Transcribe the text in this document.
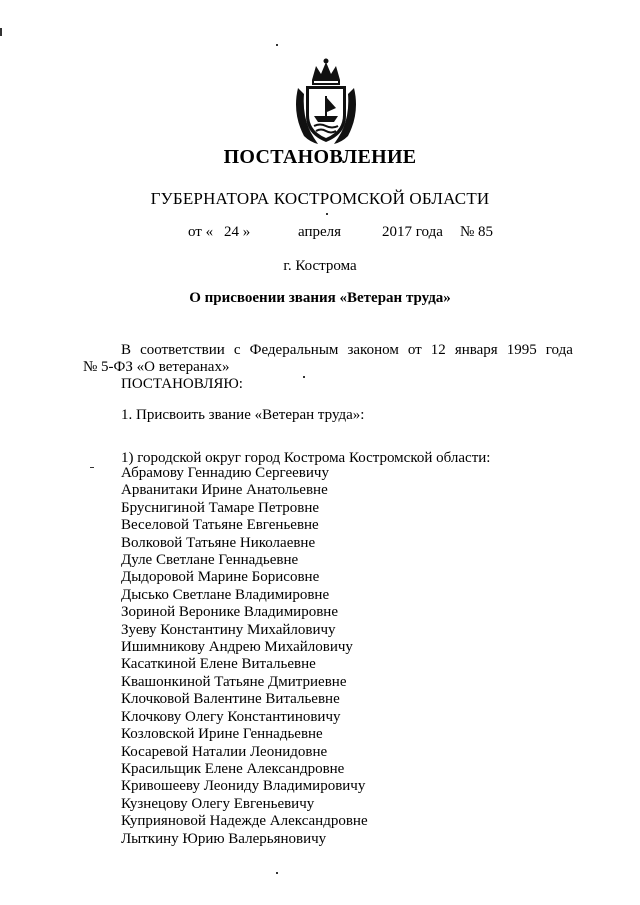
ПОСТАНОВЛЕНИЕ
ГУБЕРНАТОРА КОСТРОМСКОЙ ОБЛАСТИ
от « 24 »	апреля	2017 года № 85
г. Кострома
О присвоении звания «Ветеран труда»
В соответствии с Федеральным законом от 12 января 1995 года
№ 5-ФЗ «О ветеранах»
ПОСТАНОВЛЯЮ:
1. Присвоить звание «Ветеран труда»:
1) городской округ город Кострома Костромской области:
Абрамову Геннадию Сергеевичу
Арванитаки Ирине Анатольевне
Бруснигиной Тамаре Петровне
Веселовой Татьяне Евгеньевне
Волковой Татьяне Николаевне
Дуле Светлане Геннадьевне
Дыдоровой Марине Борисовне
Дысько Светлане Владимировне
Зориной Веронике Владимировне
Зуеву Константину Михайловичу
Ишимникову Андрею Михайловичу
Касаткиной Елене Витальевне
Квашонкиной Татьяне Дмитриевне
Клочковой Валентине Витальевне
Клочкову Олегу Константиновичу
Козловской Ирине Геннадьевне
Косаревой Наталии Леонидовне
Красильщик Елене Александровне
Кривошееву Леониду Владимировичу
Кузнецову Олегу Евгеньевичу
Куприяновой Надежде Александровне
Лыткину Юрию Валерьяновичу
